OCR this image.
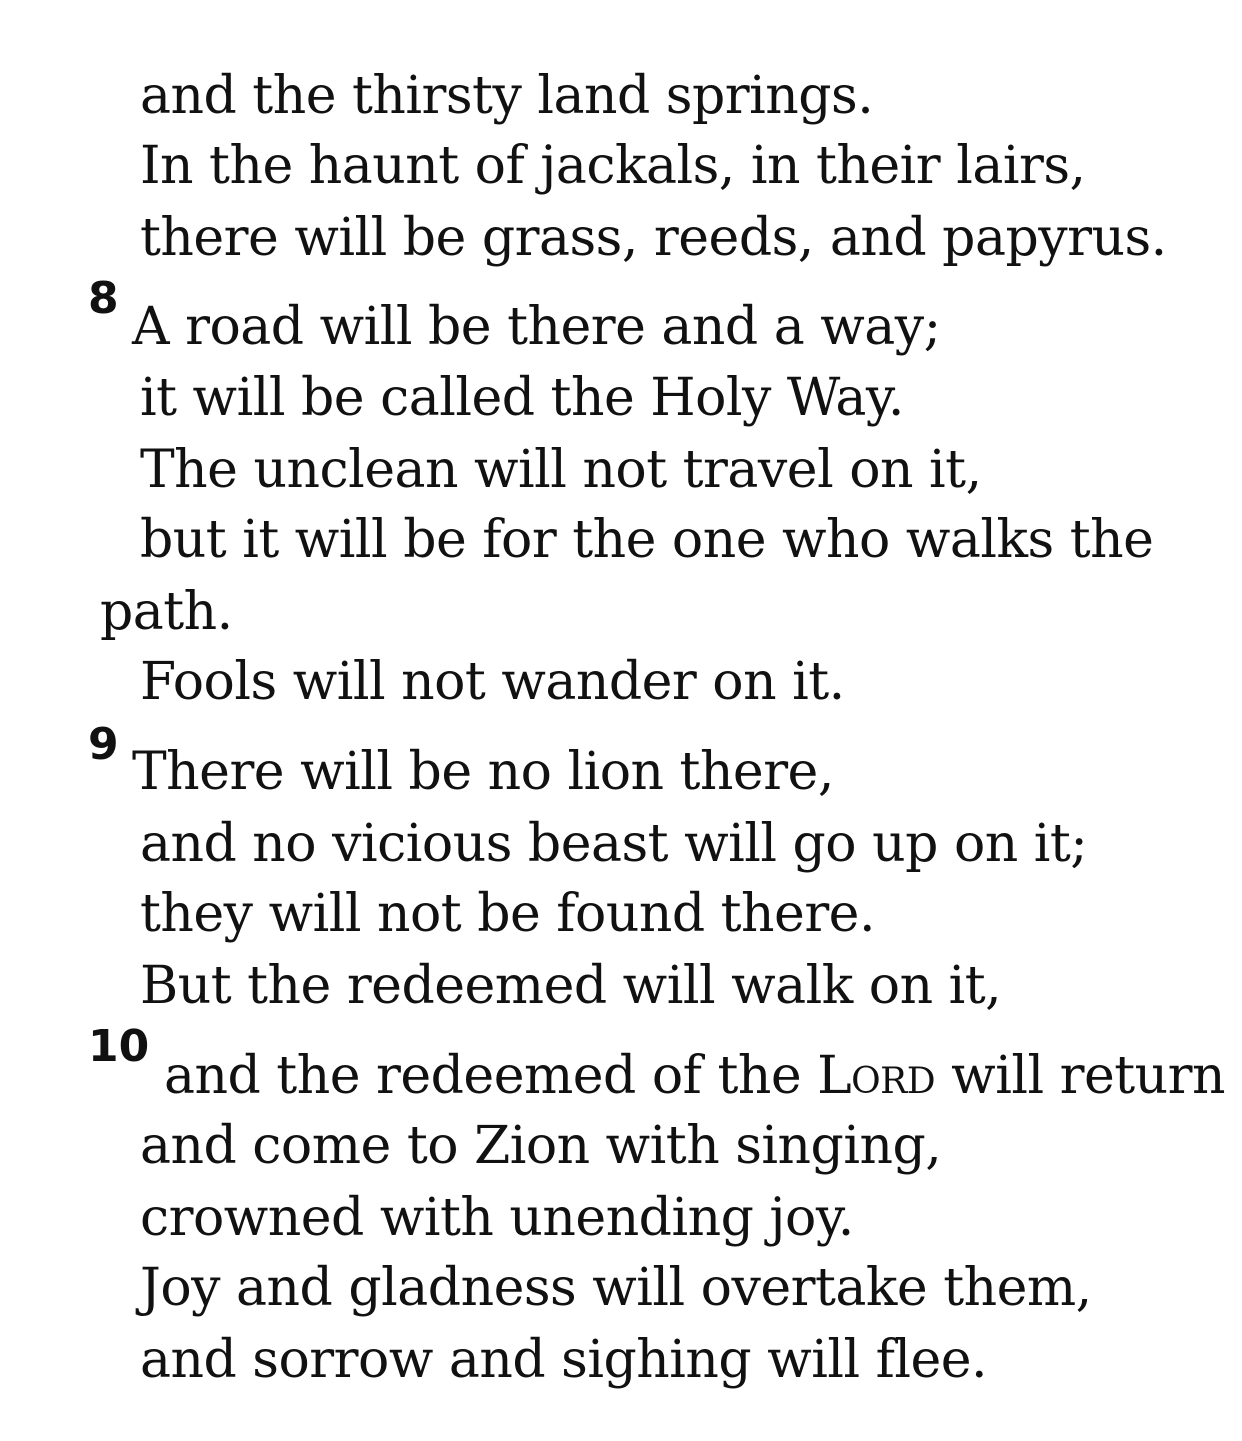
and the thirsty land springs.
In the haunt of jackals, in their lairs,
there will be grass, reeds, and papyrus.
8 A road will be there and a way;
it will be called the Holy Way.
The unclean will not travel on it,
but it will be for the one who walks the
path.
Fools will not wander on it.
9 There will be no lion there,
and no vicious beast will go up on it;
they will not be found there.
But the redeemed will walk on it,
10 and the redeemed of the Lord will return
and come to Zion with singing,
crowned with unending joy.
Joy and gladness will overtake them,
and sorrow and sighing will flee.
